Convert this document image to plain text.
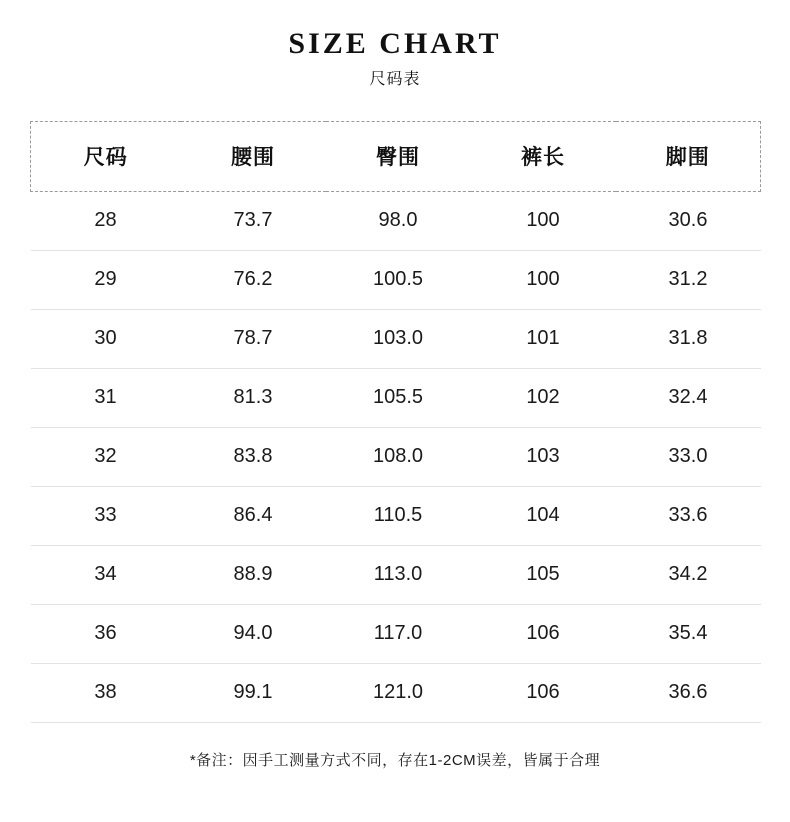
SIZE CHART

尺码表

尺码	腰围	臀围	裤长	脚围
28	73.7	98.0	100	30.6
29	76.2	100.5	100	31.2
30	78.7	103.0	101	31.8
31	81.3	105.5	102	32.4
32	83.8	108.0	103	33.0
33	86.4	110.5	104	33.6
34	88.9	113.0	105	34.2
36	94.0	117.0	106	35.4
38	99.1	121.0	106	36.6
*备注：因手工测量方式不同，存在1-2CM误差，皆属于合理
